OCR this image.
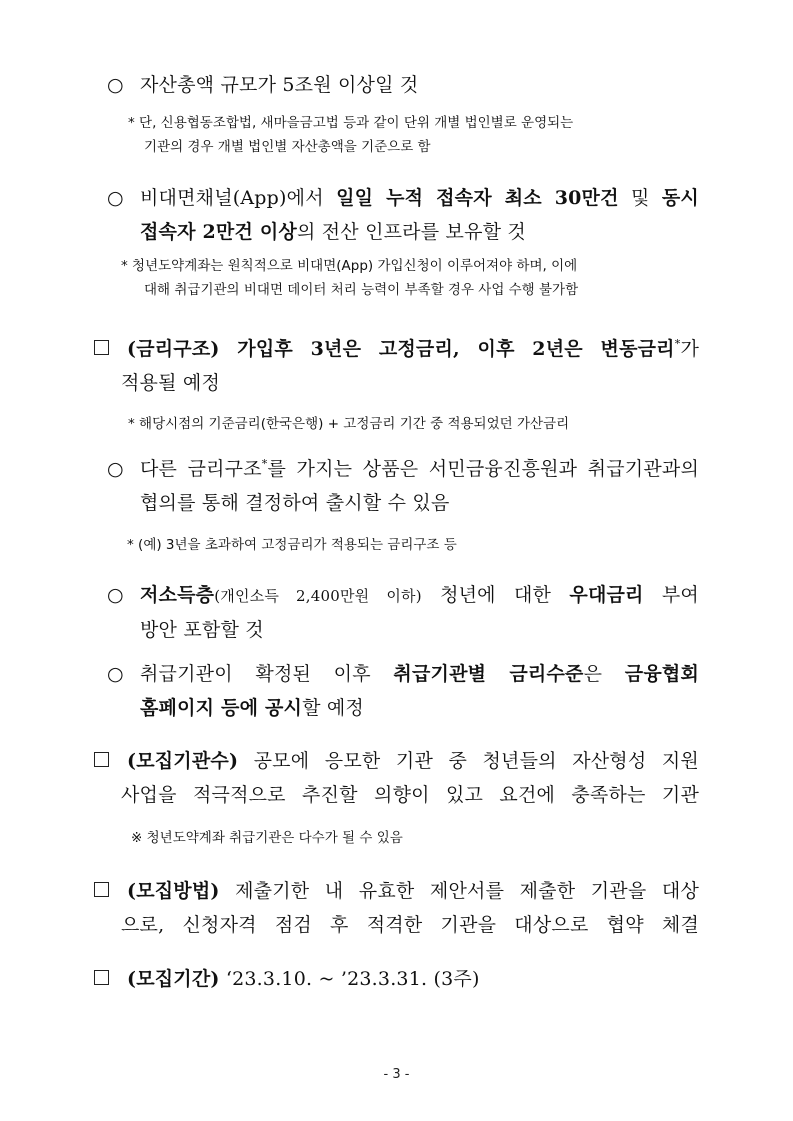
○ 자산총액 규모가 5조원 이상일 것
* 단, 신용협동조합법, 새마을금고법 등과 같이 단위 개별 법인별로 운영되는
기관의 경우 개별 법인별 자산총액을 기준으로 함
○ 비대면채널(App)에서 일일 누적 접속자 최소 30만건 및 동시
접속자 2만건 이상의 전산 인프라를 보유할 것
* 청년도약계좌는 원칙적으로 비대면(App) 가입신청이 이루어져야 하며, 이에
대해 취급기관의 비대면 데이터 처리 능력이 부족할 경우 사업 수행 불가함
(금리구조) 가입후 3년은 고정금리, 이후 2년은 변동금리*가
적용될 예정
* 해당시점의 기준금리(한국은행) + 고정금리 기간 중 적용되었던 가산금리
○ 다른 금리구조*를 가지는 상품은 서민금융진흥원과 취급기관과의
협의를 통해 결정하여 출시할 수 있음
* (예) 3년을 초과하여 고정금리가 적용되는 금리구조 등
○ 저소득층(개인소득 2,400만원 이하) 청년에 대한 우대금리 부여
방안 포함할 것
○ 취급기관이 확정된 이후 취급기관별 금리수준은 금융협회
홈페이지 등에 공시할 예정
(모집기관수) 공모에 응모한 기관 중 청년들의 자산형성 지원
사업을 적극적으로 추진할 의향이 있고 요건에 충족하는 기관
※ 청년도약계좌 취급기관은 다수가 될 수 있음
(모집방법) 제출기한 내 유효한 제안서를 제출한 기관을 대상
으로, 신청자격 점검 후 적격한 기관을 대상으로 협약 체결
(모집기간) ‘23.3.10. ~ ’23.3.31. (3주)
- 3 -
